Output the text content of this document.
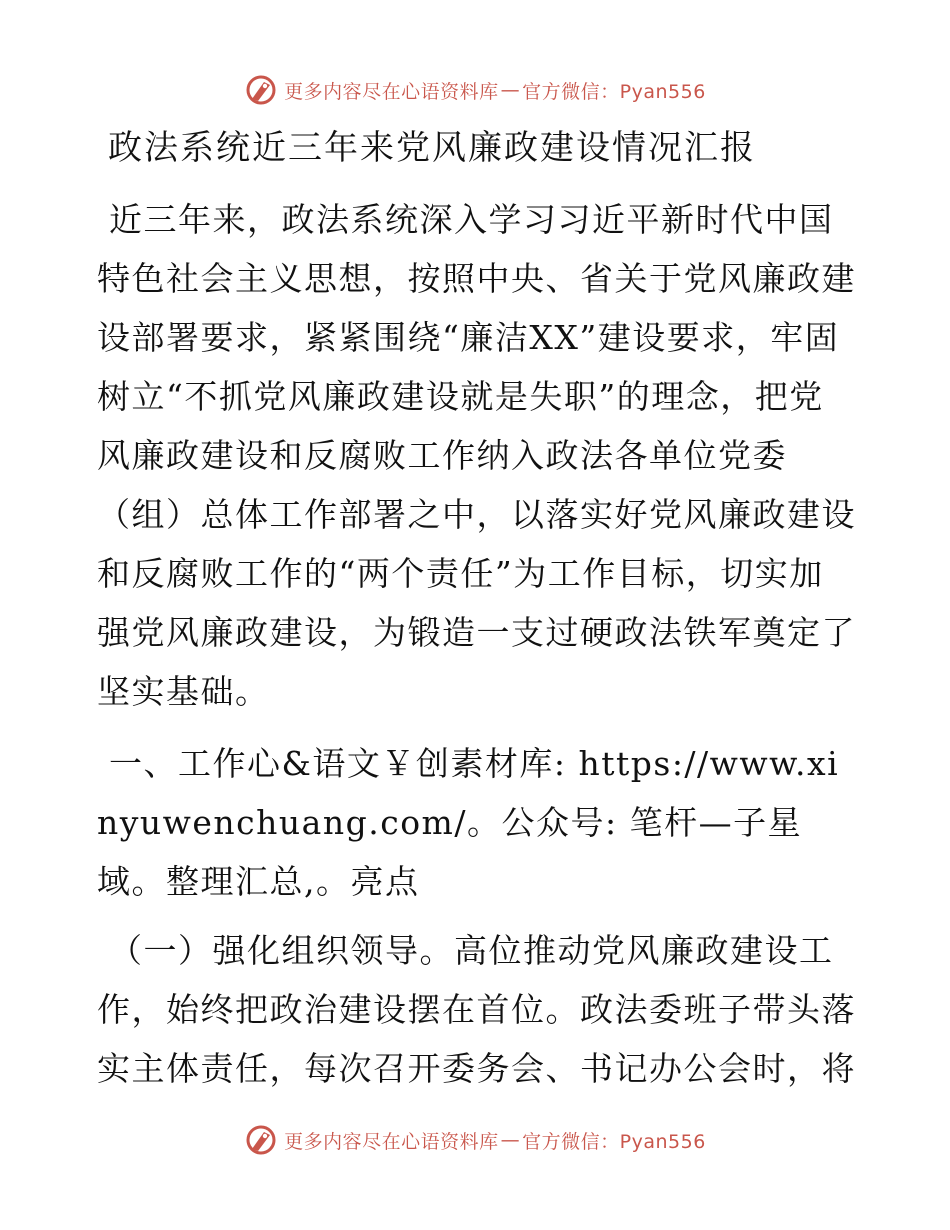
更多内容尽在心语资料库 — 官方微信：Pyan556
政法系统近三年来党风廉政建设情况汇报

近三年来，政法系统深入学习习近平新时代中国特色社会主义思想，按照中央、省关于党风廉政建设部署要求，紧紧围绕“廉洁XX”建设要求，牢固树立“不抓党风廉政建设就是失职”的理念，把党风廉政建设和反腐败工作纳入政法各单位党委（组）总体工作部署之中，以落实好党风廉政建设和反腐败工作的“两个责任”为工作目标，切实加强党风廉政建设，为锻造一支过硬政法铁军奠定了坚实基础。

一、工作心&语文￥创素材库: https://www.xinyuwenchuang.com/。公众号: 笔杆—子星域。整理汇总,。亮点

（一）强化组织领导。高位推动党风廉政建设工作，始终把政治建设摆在首位。政法委班子带头落实主体责任，每次召开委务会、书记办公会时，将

更多内容尽在心语资料库 — 官方微信：Pyan556
